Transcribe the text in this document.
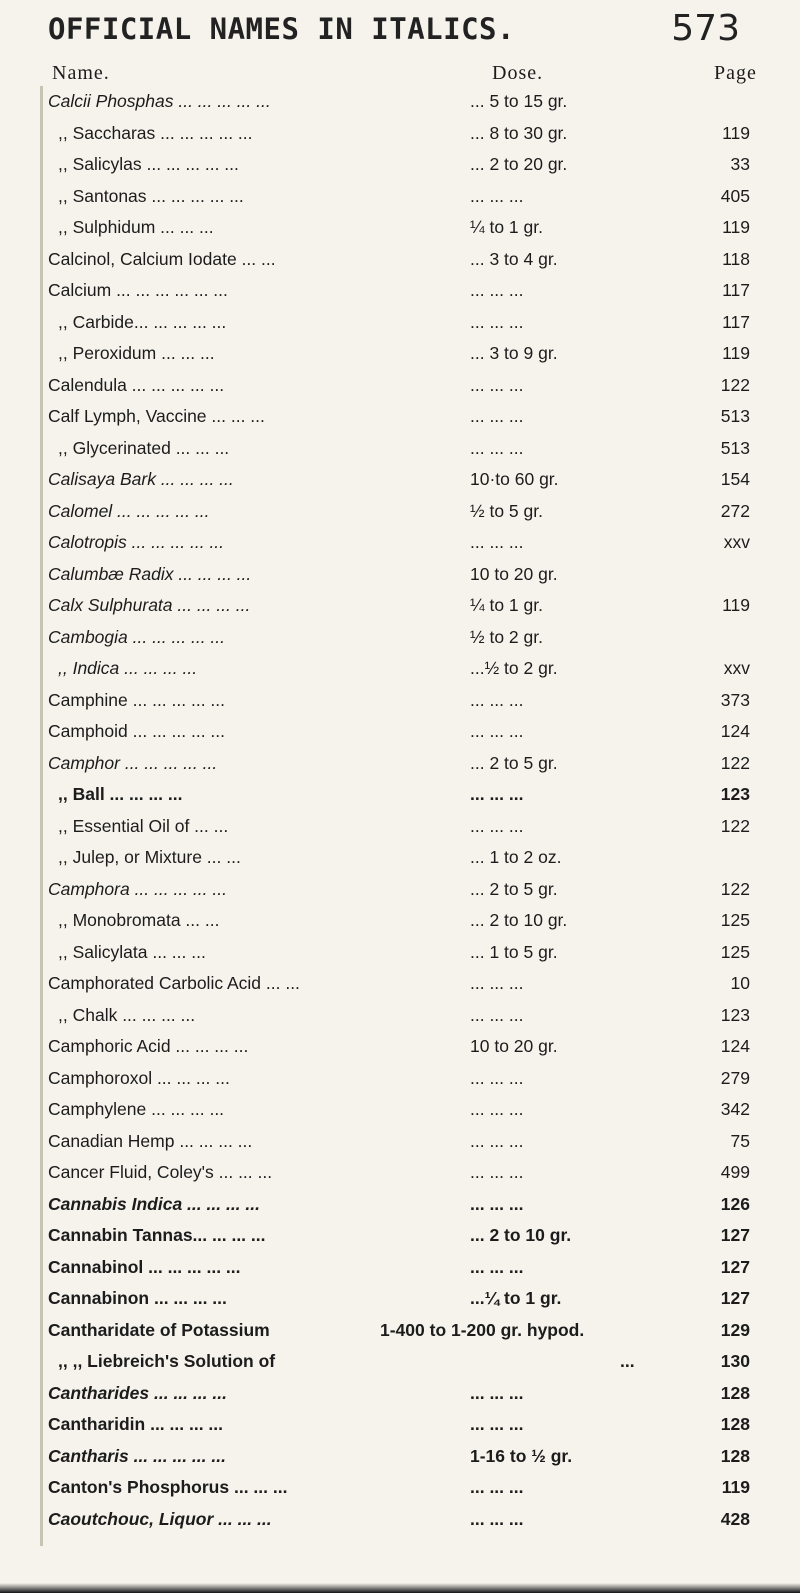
OFFICIAL NAMES IN ITALICS.	573
Name.	Dose.	Page
Calcii Phosphas ... ... ... ... ...	... 5 to 15 gr.
,, Saccharas ... ... ... ... ...	... 8 to 30 gr.	119
,, Salicylas ... ... ... ... ...	... 2 to 20 gr.	33
,, Santonas ... ... ... ... ...	... ... ...	405
,, Sulphidum ... ... ...	¼ to 1 gr.	119
Calcinol, Calcium Iodate ... ...	... 3 to 4 gr.	118
Calcium ... ... ... ... ... ...	... ... ...	117
,, Carbide... ... ... ... ...	... ... ...	117
,, Peroxidum ... ... ...	... 3 to 9 gr.	119
Calendula ... ... ... ... ...	... ... ...	122
Calf Lymph, Vaccine ... ... ...	... ... ...	513
,, Glycerinated ... ... ...	... ... ...	513
Calisaya Bark ... ... ... ...	10·to 60 gr.	154
Calomel ... ... ... ... ...	½ to 5 gr.	272
Calotropis ... ... ... ... ...	... ... ...	xxv
Calumbæ Radix ... ... ... ...	10 to 20 gr.
Calx Sulphurata ... ... ... ...	¼ to 1 gr.	119
Cambogia ... ... ... ... ...	½ to 2 gr.
,, Indica ... ... ... ...	...½ to 2 gr.	xxv
Camphine ... ... ... ... ...	... ... ...	373
Camphoid ... ... ... ... ...	... ... ...	124
Camphor ... ... ... ... ...	... 2 to 5 gr.	122
,, Ball ... ... ... ...	... ... ...	123
,, Essential Oil of ... ...	... ... ...	122
,, Julep, or Mixture ... ...	... 1 to 2 oz.
Camphora ... ... ... ... ...	... 2 to 5 gr.	122
,, Monobromata ... ...	... 2 to 10 gr.	125
,, Salicylata ... ... ...	... 1 to 5 gr.	125
Camphorated Carbolic Acid ... ...	... ... ...	10
,, Chalk ... ... ... ...	... ... ...	123
Camphoric Acid ... ... ... ...	10 to 20 gr.	124
Camphoroxol ... ... ... ...	... ... ...	279
Camphylene ... ... ... ...	... ... ...	342
Canadian Hemp ... ... ... ...	... ... ...	75
Cancer Fluid, Coley's ... ... ...	... ... ...	499
Cannabis Indica ... ... ... ...	... ... ...	126
Cannabin Tannas... ... ... ...	... 2 to 10 gr.	127
Cannabinol ... ... ... ... ...	... ... ...	127
Cannabinon ... ... ... ...	...¼ to 1 gr.	127
Cantharidate of Potassium	1-400 to 1-200 gr. hypod.	129
,, ,, Liebreich's Solution of	...	130
Cantharides ... ... ... ...	... ... ...	128
Cantharidin ... ... ... ...	... ... ...	128
Cantharis ... ... ... ... ...	1-16 to ½ gr.	128
Canton's Phosphorus ... ... ...	... ... ...	119
Caoutchouc, Liquor ... ... ...	... ... ...	428
